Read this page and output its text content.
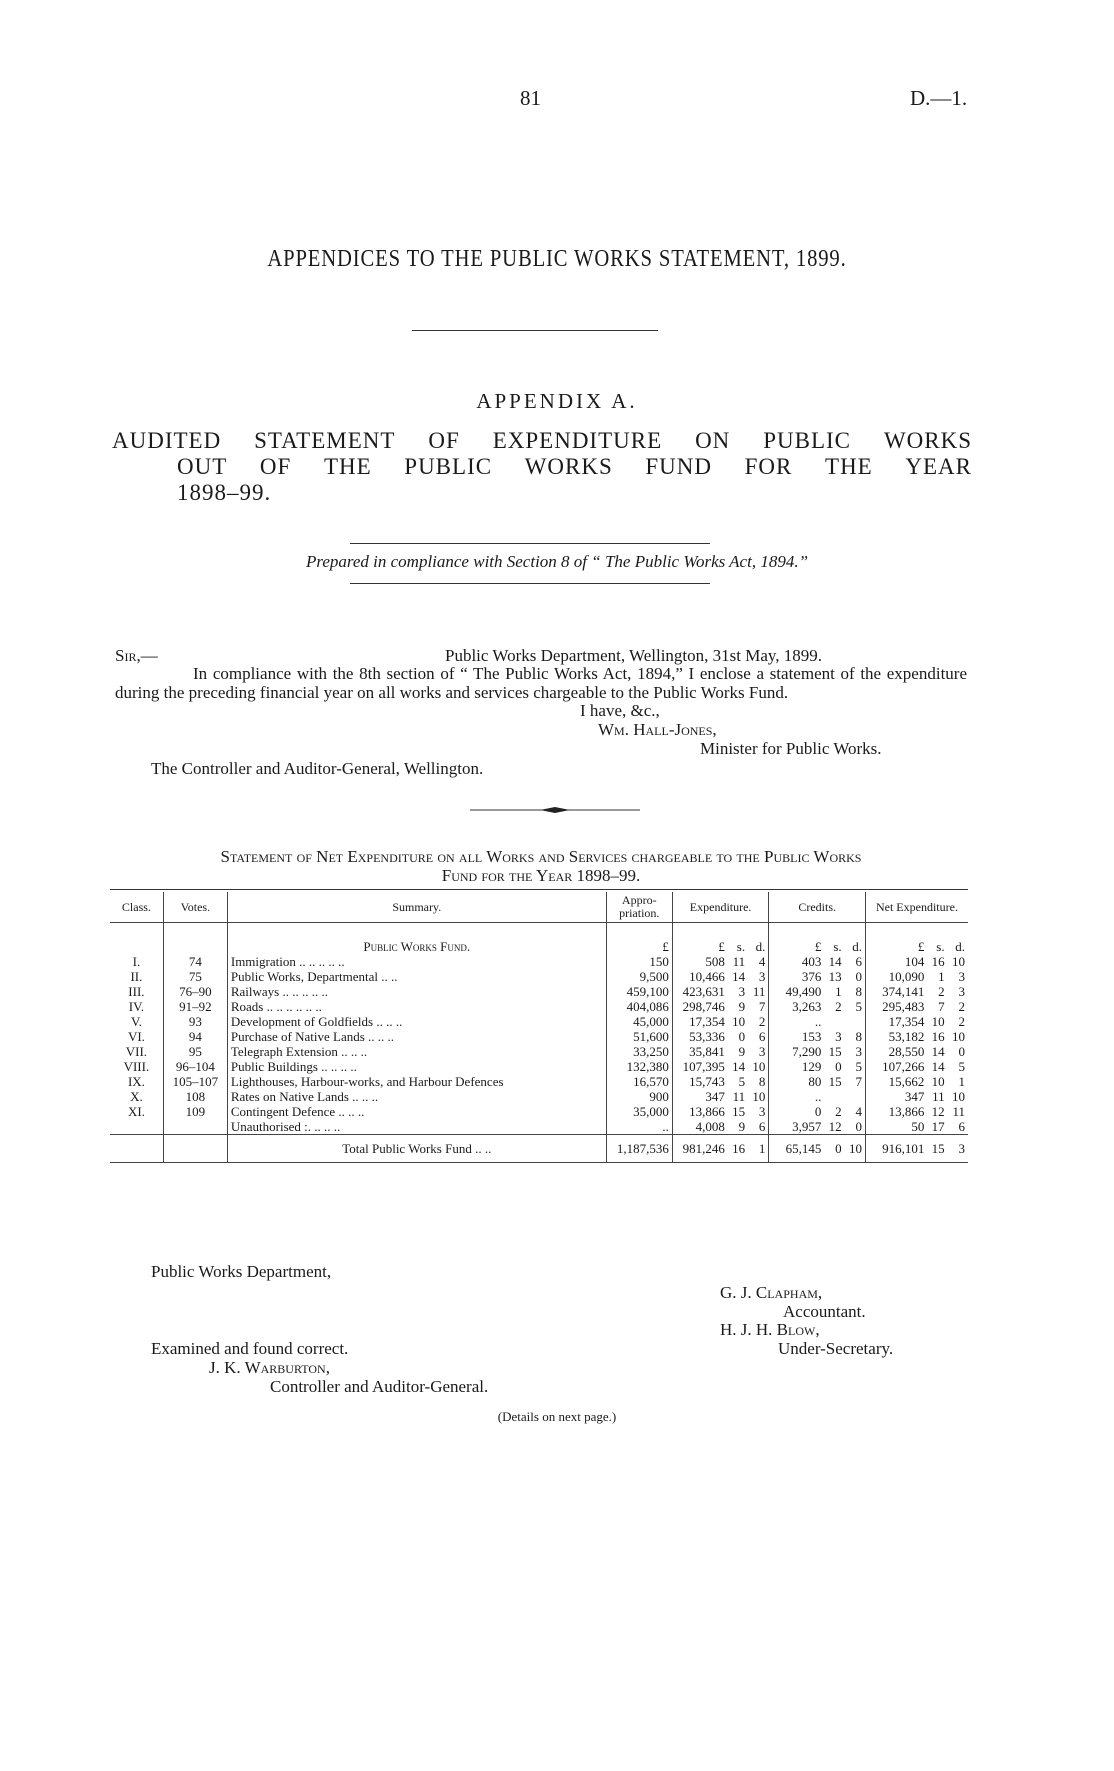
81	D.—1.
APPENDICES TO THE PUBLIC WORKS STATEMENT, 1899.
APPENDIX A.
AUDITED STATEMENT OF EXPENDITURE ON PUBLIC WORKS
OUT OF THE PUBLIC WORKS FUND FOR THE YEAR
1898–99.
Prepared in compliance with Section 8 of “ The Public Works Act, 1894.”
Sir,—	Public Works Department, Wellington, 31st May, 1899.
In compliance with the 8th section of “ The Public Works Act, 1894,” I enclose a statement of the expenditure during the preceding financial year on all works and services chargeable to the Public Works Fund.
I have, &c.,
Wm. Hall-Jones,
Minister for Public Works.
The Controller and Auditor-General, Wellington.
Statement of Net Expenditure on all Works and Services chargeable to the Public Works
Fund for the Year 1898–99.
Class.	Votes.	Summary.	Appro-priation.	Expenditure.			Credits.			Net Expenditure.		
		Public Works Fund.	£	£	s.	d.	£	s.	d.	£	s.	d.
I.	74	Immigration .. .. .. .. ..	150	508	11	4	403	14	6	104	16	10
II.	75	Public Works, Departmental .. ..	9,500	10,466	14	3	376	13	0	10,090	1	3
III.	76–90	Railways .. .. .. .. ..	459,100	423,631	3	11	49,490	1	8	374,141	2	3
IV.	91–92	Roads .. .. .. .. .. ..	404,086	298,746	9	7	3,263	2	5	295,483	7	2
V.	93	Development of Goldfields .. .. ..	45,000	17,354	10	2	..			17,354	10	2
VI.	94	Purchase of Native Lands .. .. ..	51,600	53,336	0	6	153	3	8	53,182	16	10
VII.	95	Telegraph Extension .. .. ..	33,250	35,841	9	3	7,290	15	3	28,550	14	0
VIII.	96–104	Public Buildings .. .. .. ..	132,380	107,395	14	10	129	0	5	107,266	14	5
IX.	105–107	Lighthouses, Harbour-works, and Harbour Defences	16,570	15,743	5	8	80	15	7	15,662	10	1
X.	108	Rates on Native Lands .. .. ..	900	347	11	10	..			347	11	10
XI.	109	Contingent Defence .. .. ..	35,000	13,866	15	3	0	2	4	13,866	12	11
		Unauthorised :. .. .. ..	..	4,008	9	6	3,957	12	0	50	17	6
		Total Public Works Fund .. ..	1,187,536	981,246	16	1	65,145	0	10	916,101	15	3

Public Works Department,
G. J. Clapham,
Accountant.
H. J. H. Blow,
Under-Secretary.
Examined and found correct.
J. K. Warburton,
Controller and Auditor-General.
(Details on next page.)
